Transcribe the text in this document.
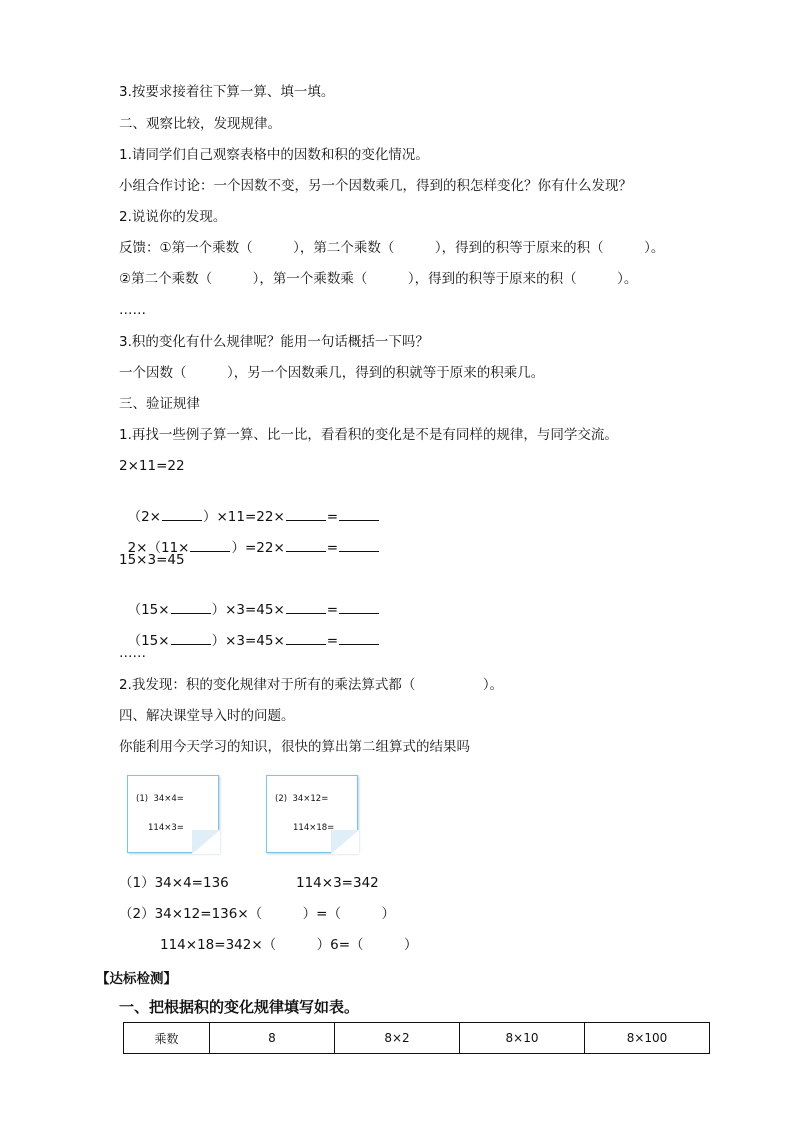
3.按要求接着往下算一算、填一填。
二、观察比较，发现规律。
1.请同学们自己观察表格中的因数和积的变化情况。
小组合作讨论：一个因数不变，另一个因数乘几，得到的积怎样变化？你有什么发现？
2.说说你的发现。
反馈：①第一个乘数（　　　），第二个乘数（　　　），得到的积等于原来的积（　　　）。
②第二个乘数（　　　），第一个乘数乘（　　　），得到的积等于原来的积（　　　）。
……
3.积的变化有什么规律呢？能用一句话概括一下吗？
一个因数（　　　），另一个因数乘几，得到的积就等于原来的积乘几。
三、验证规律
1.再找一些例子算一算、比一比，看看积的变化是不是有同样的规律，与同学交流。
2×11=22

（2×	）×11=22×	=

2×（11×	）=22×	=

15×3=45

（15×	）×3=45×	=

（15×	）×3=45×	=

……
2.我发现：积的变化规律对于所有的乘法算式都（　　　　　）。
四、解决课堂导入时的问题。
你能利用今天学习的知识，很快的算出第二组算式的结果吗
(1)  34×4=
114×3=
(2)  34×12=
114×18=
（1）34×4=136	114×3=342
（2）34×12=136×（　　　）=（　　　）
114×18=342×（　　　）6=（　　　）
【达标检测】
一、把根据积的变化规律填写如表。
乘数	8	8×2	8×10	8×100
